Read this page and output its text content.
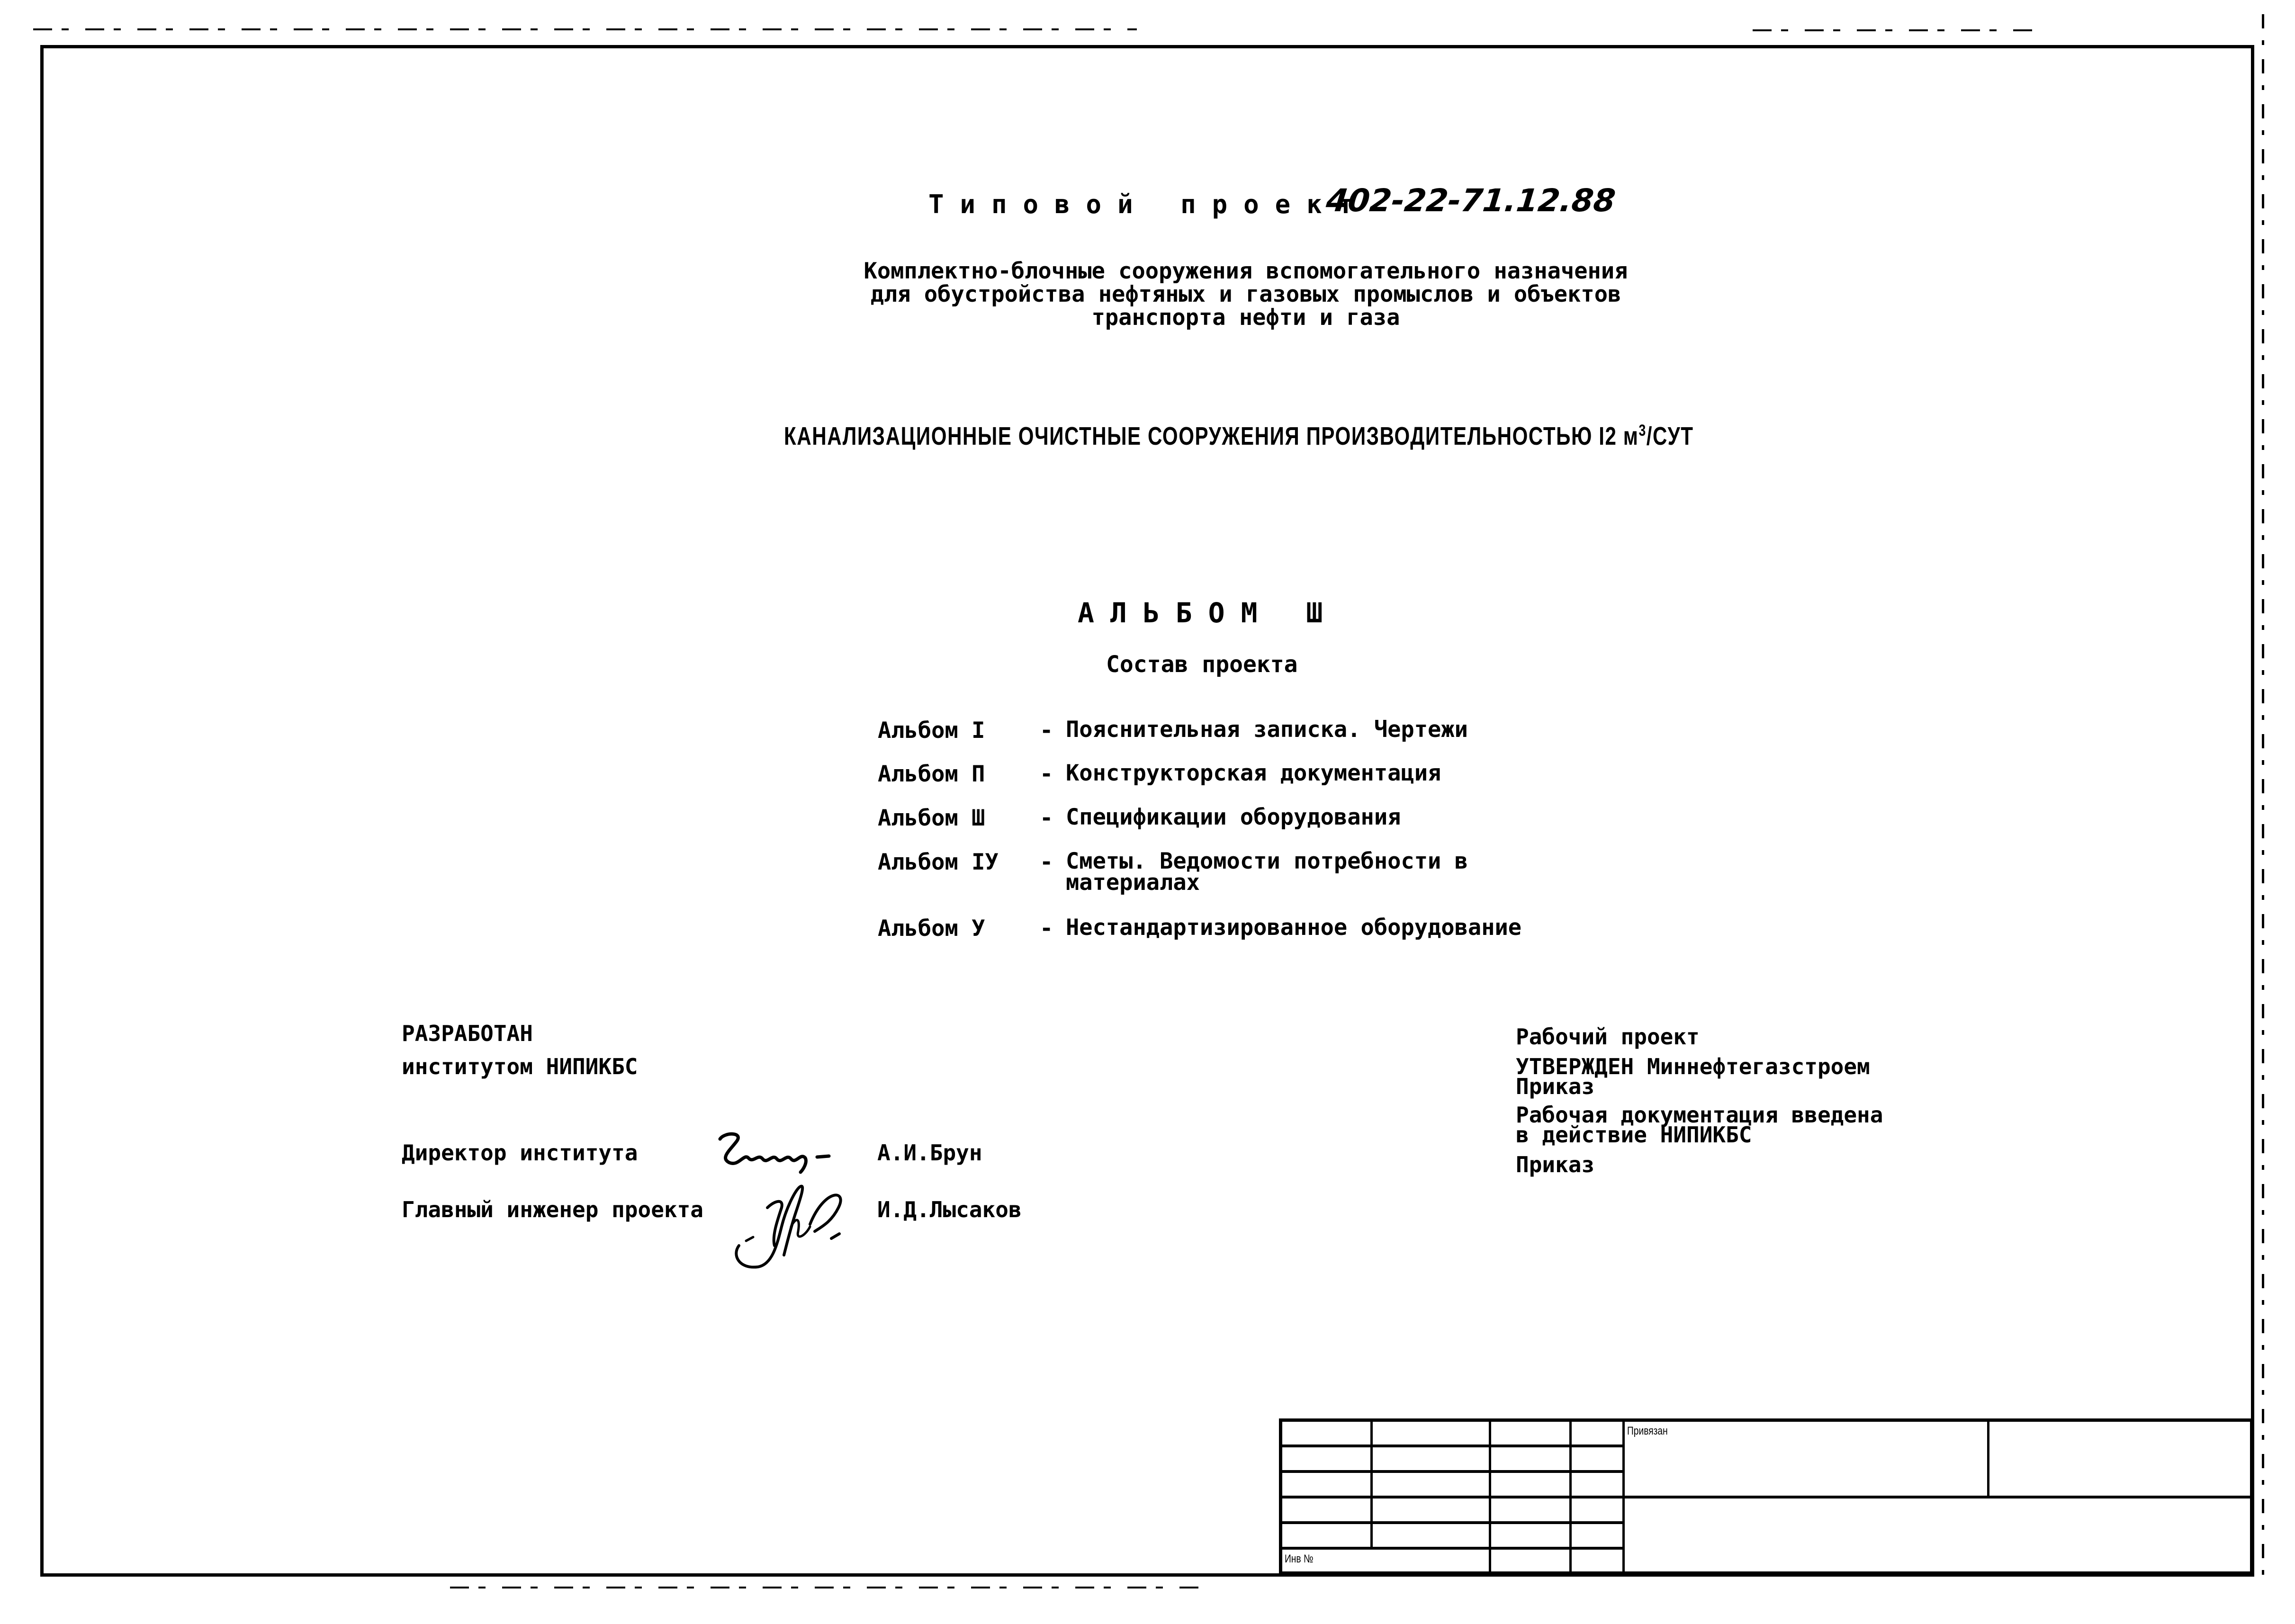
Типовой проект
402-22-71.12.88
Комплектно-блочные сооружения вспомогательного назначения
для обустройства нефтяных и газовых промыслов и объектов
транспорта нефти и газа
КАНАЛИЗАЦИОННЫЕ ОЧИСТНЫЕ СООРУЖЕНИЯ ПРОИЗВОДИТЕЛЬНОСТЬЮ I2 $м^3$/СУТ
АЛЬБОМ Ш
Состав проекта
Альбом I - Пояснительная записка. Чертежи
Альбом П - Конструкторская документация
Альбом Ш - Спецификации оборудования
Альбом IУ - Сметы. Ведомости потребности в
материалах
Альбом У - Нестандартизированное оборудование
РАЗРАБОТАН
институтом НИПИКБС
Директор института	А.И.Брун
Главный инженер проекта	И.Д.Лысаков
Рабочий проект
УТВЕРЖДЕН Миннефтегазстроем
Приказ
Рабочая документация введена
в действие НИПИКБС
Приказ
Привязан
Инв №
